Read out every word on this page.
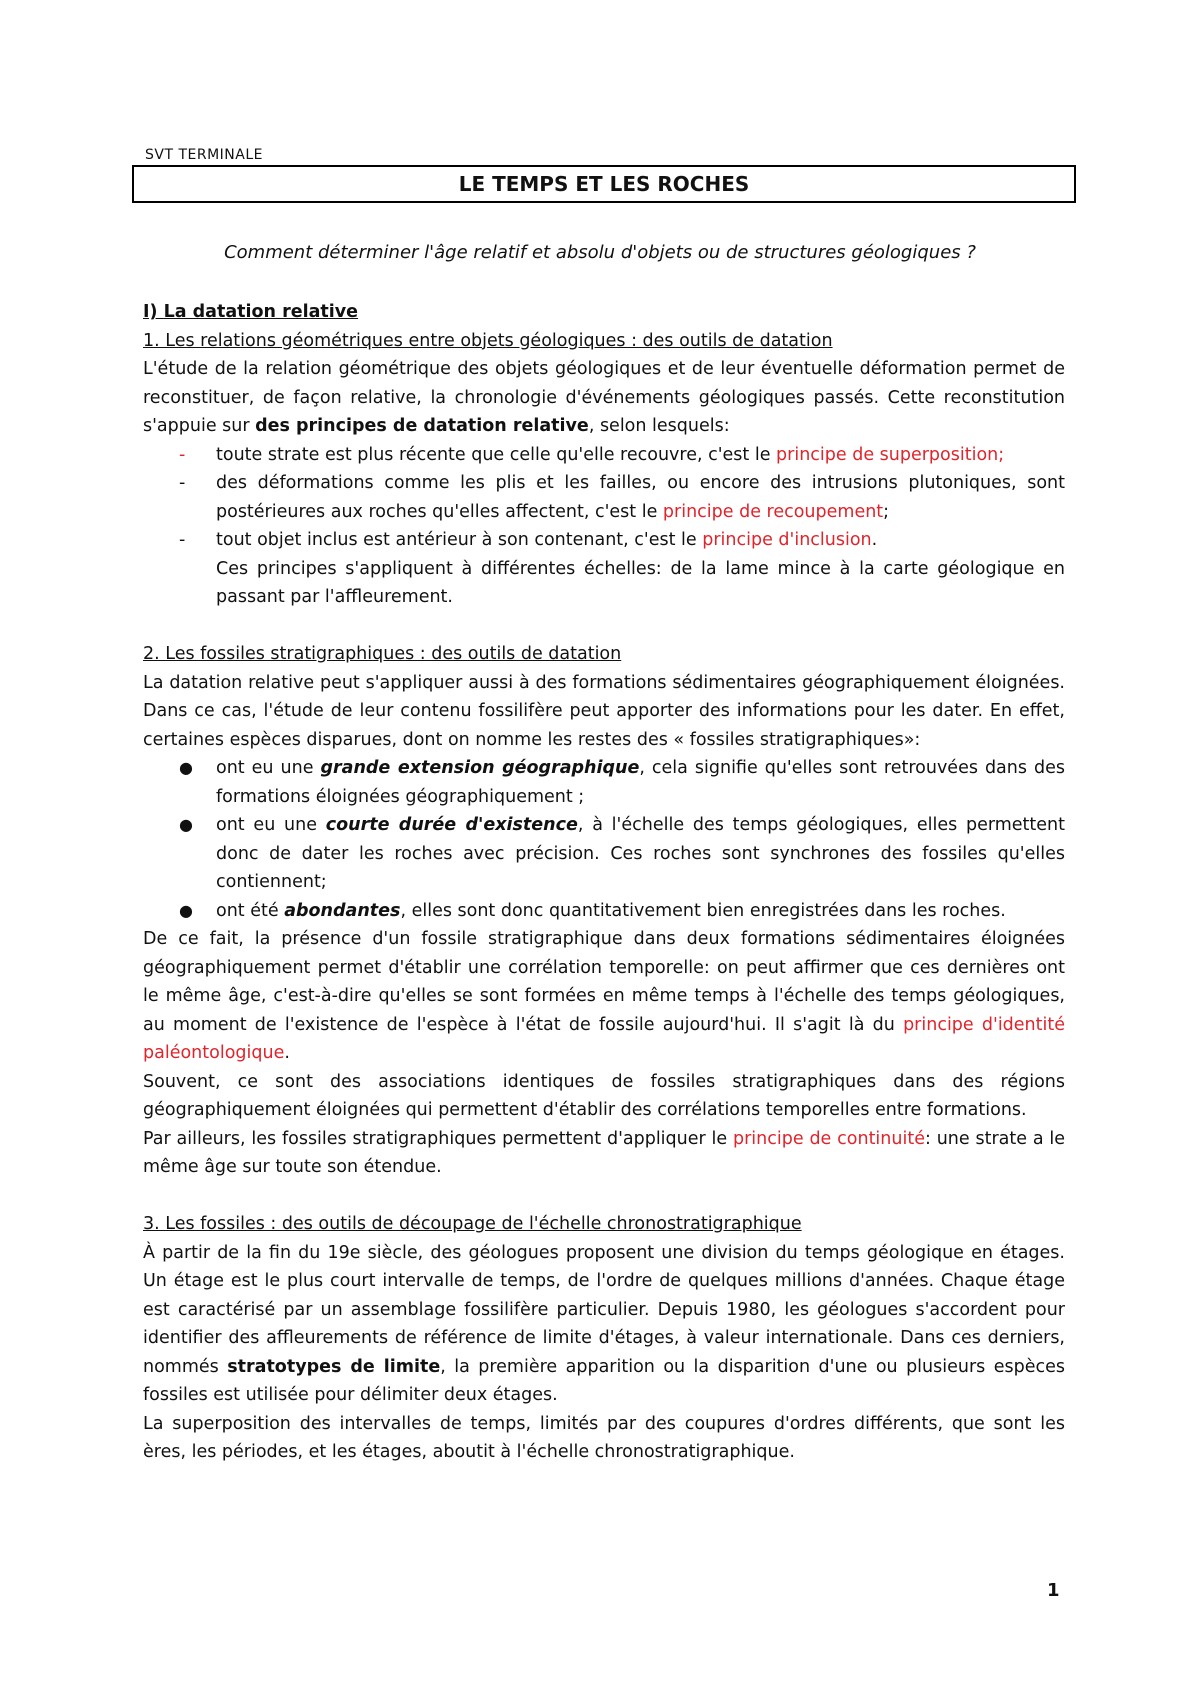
SVT TERMINALE
LE TEMPS ET LES ROCHES
Comment déterminer l'âge relatif et absolu d'objets ou de structures géologiques ?

I) La datation relative

1. Les relations géométriques entre objets géologiques : des outils de datation

L'étude de la relation géométrique des objets géologiques et de leur éventuelle déformation permet de reconstituer, de façon relative, la chronologie d'événements géologiques passés. Cette reconstitution s'appuie sur des principes de datation relative, selon lesquels:

- toute strate est plus récente que celle qu'elle recouvre, c'est le principe de superposition;
- des déformations comme les plis et les failles, ou encore des intrusions plutoniques, sont postérieures aux roches qu'elles affectent, c'est le principe de recoupement;
- tout objet inclus est antérieur à son contenant, c'est le principe d'inclusion.

Ces principes s'appliquent à différentes échelles: de la lame mince à la carte géologique en passant par l'affleurement.

2. Les fossiles stratigraphiques : des outils de datation

La datation relative peut s'appliquer aussi à des formations sédimentaires géographiquement éloignées. Dans ce cas, l'étude de leur contenu fossilifère peut apporter des informations pour les dater. En effet, certaines espèces disparues, dont on nomme les restes des « fossiles stratigraphiques»:

● ont eu une grande extension géographique, cela signifie qu'elles sont retrouvées dans des formations éloignées géographiquement ;
● ont eu une courte durée d'existence, à l'échelle des temps géologiques, elles permettent donc de dater les roches avec précision. Ces roches sont synchrones des fossiles qu'elles contiennent;
● ont été abondantes, elles sont donc quantitativement bien enregistrées dans les roches.

De ce fait, la présence d'un fossile stratigraphique dans deux formations sédimentaires éloignées géographiquement permet d'établir une corrélation temporelle: on peut affirmer que ces dernières ont le même âge, c'est-à-dire qu'elles se sont formées en même temps à l'échelle des temps géologiques, au moment de l'existence de l'espèce à l'état de fossile aujourd'hui. Il s'agit là du principe d'identité paléontologique.

Souvent, ce sont des associations identiques de fossiles stratigraphiques dans des régions géographiquement éloignées qui permettent d'établir des corrélations temporelles entre formations.

Par ailleurs, les fossiles stratigraphiques permettent d'appliquer le principe de continuité: une strate a le même âge sur toute son étendue.

3. Les fossiles : des outils de découpage de l'échelle chronostratigraphique

À partir de la fin du 19e siècle, des géologues proposent une division du temps géologique en étages. Un étage est le plus court intervalle de temps, de l'ordre de quelques millions d'années. Chaque étage est caractérisé par un assemblage fossilifère particulier. Depuis 1980, les géologues s'accordent pour identifier des affleurements de référence de limite d'étages, à valeur internationale. Dans ces derniers, nommés stratotypes de limite, la première apparition ou la disparition d'une ou plusieurs espèces fossiles est utilisée pour délimiter deux étages.

La superposition des intervalles de temps, limités par des coupures d'ordres différents, que sont les ères, les périodes, et les étages, aboutit à l'échelle chronostratigraphique.

1
